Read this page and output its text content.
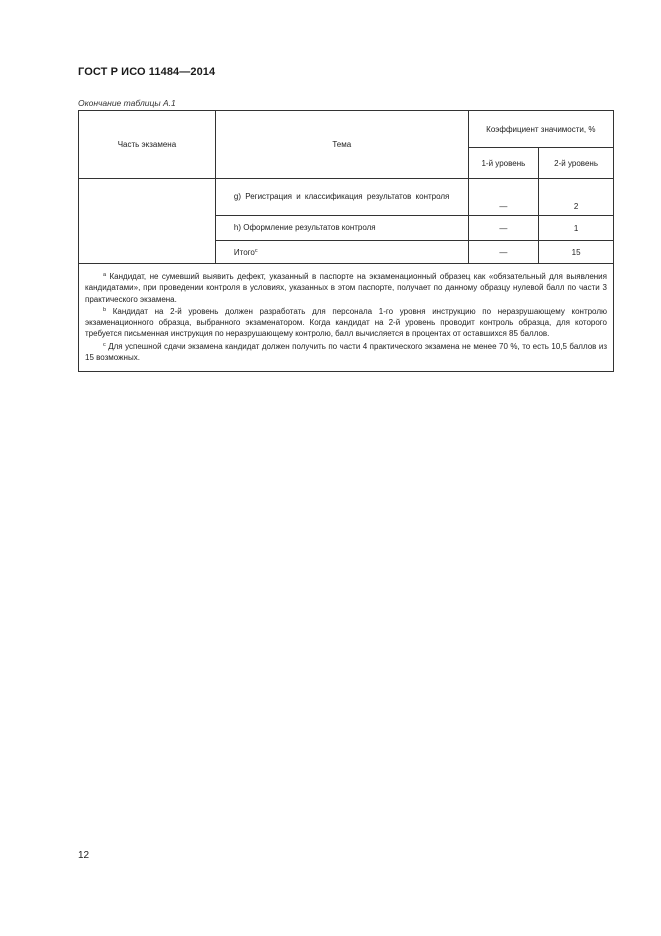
ГОСТ Р ИСО 11484—2014
Окончание таблицы А.1
Часть экзамена	Тема	Коэффициент значимости, %	
		1-й уровень	2-й уровень
	g) Регистрация и классификация результатов контроля	—	2
	h) Оформление результатов контроля	—	1
	Итого$^c$	—	15

$^a$ Кандидат, не сумевший выявить дефект, указанный в паспорте на экзаменационный образец как «обязательный для выявления кандидатами», при проведении контроля в условиях, указанных в этом паспорте, получает по данному образцу нулевой балл по части 3 практического экзамена.
$^b$ Кандидат на 2-й уровень должен разработать для персонала 1-го уровня инструкцию по неразрушающему контролю экзаменационного образца, выбранного экзаменатором. Когда кандидат на 2-й уровень проводит контроль образца, для которого требуется письменная инструкция по неразрушающему контролю, балл вычисляется в процентах от оставшихся 85 баллов.
$^c$ Для успешной сдачи экзамена кандидат должен получить по части 4 практического экзамена не менее 70 %, то есть 10,5 баллов из 15 возможных.			
12
